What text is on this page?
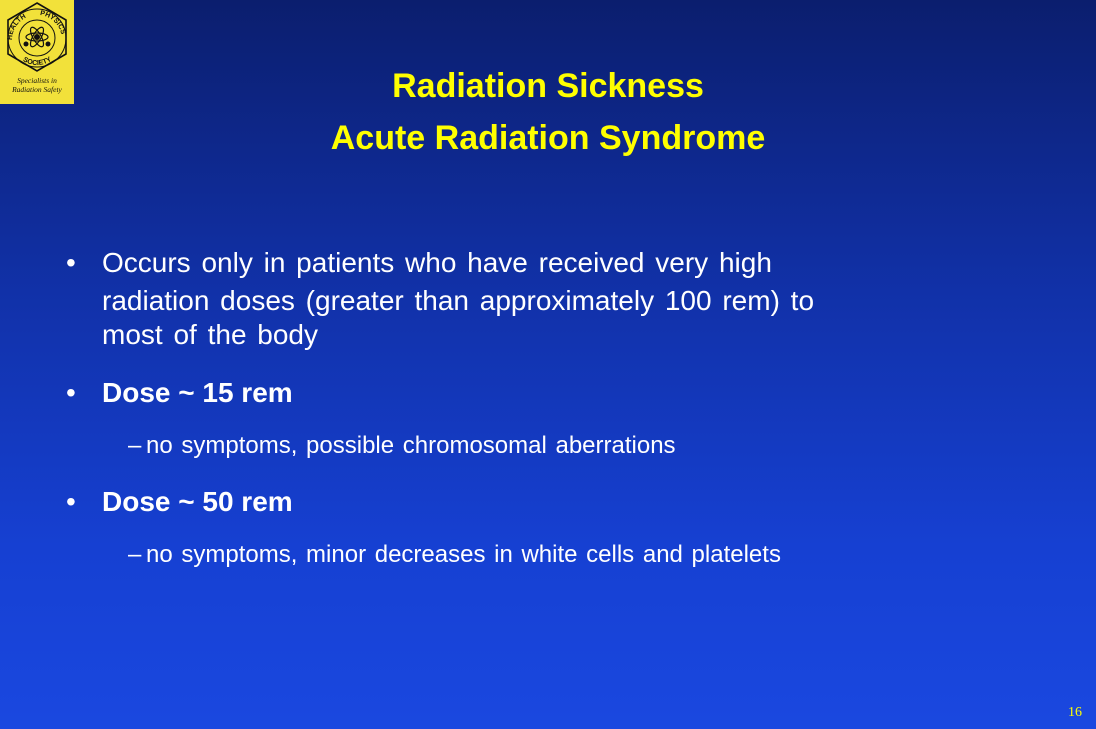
HEALTH PHYSICS
SOCIETY
Specialists in
Radiation Safety	Radiation Sickness
Acute Radiation Syndrome
• Occurs only in patients who have received very high
radiation doses (greater than approximately 100 rem) to
most of the body
• Dose ~ 15 rem
– no symptoms, possible chromosomal aberrations
• Dose ~ 50 rem
– no symptoms, minor decreases in white cells and platelets
16
